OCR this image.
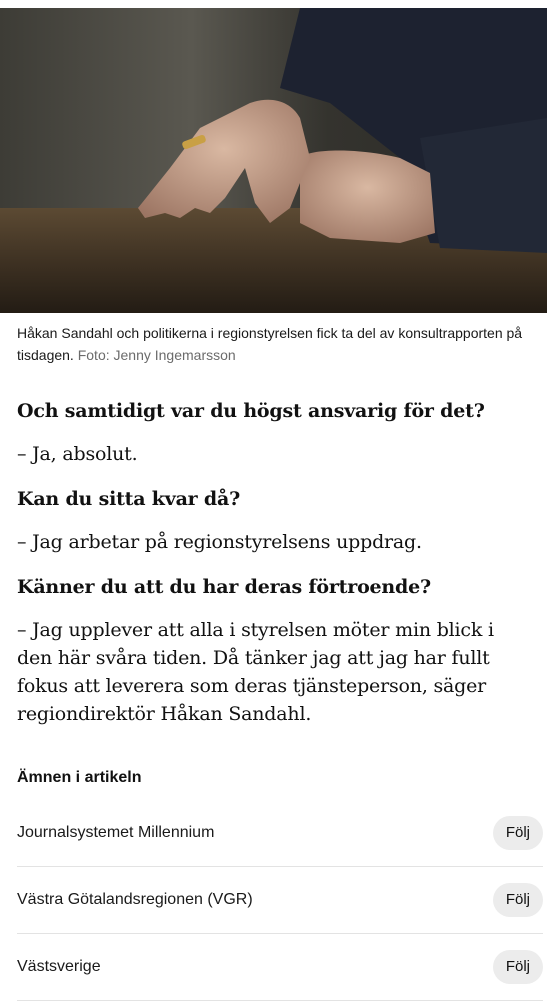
Håkan Sandahl och politikerna i regionstyrelsen fick ta del av konsultrapporten på tisdagen. Foto: Jenny Ingemarsson

Och samtidigt var du högst ansvarig för det?

– Ja, absolut.

Kan du sitta kvar då?

– Jag arbetar på regionstyrelsens uppdrag.

Känner du att du har deras förtroende?

– Jag upplever att alla i styrelsen möter min blick i den här svåra tiden. Då tänker jag att jag har fullt fokus att leverera som deras tjänsteperson, säger regiondirektör Håkan Sandahl.

Ämnen i artikeln
Journalsystemet Millennium	Följ
Västra Götalandsregionen (VGR)	Följ
Västsverige	Följ
